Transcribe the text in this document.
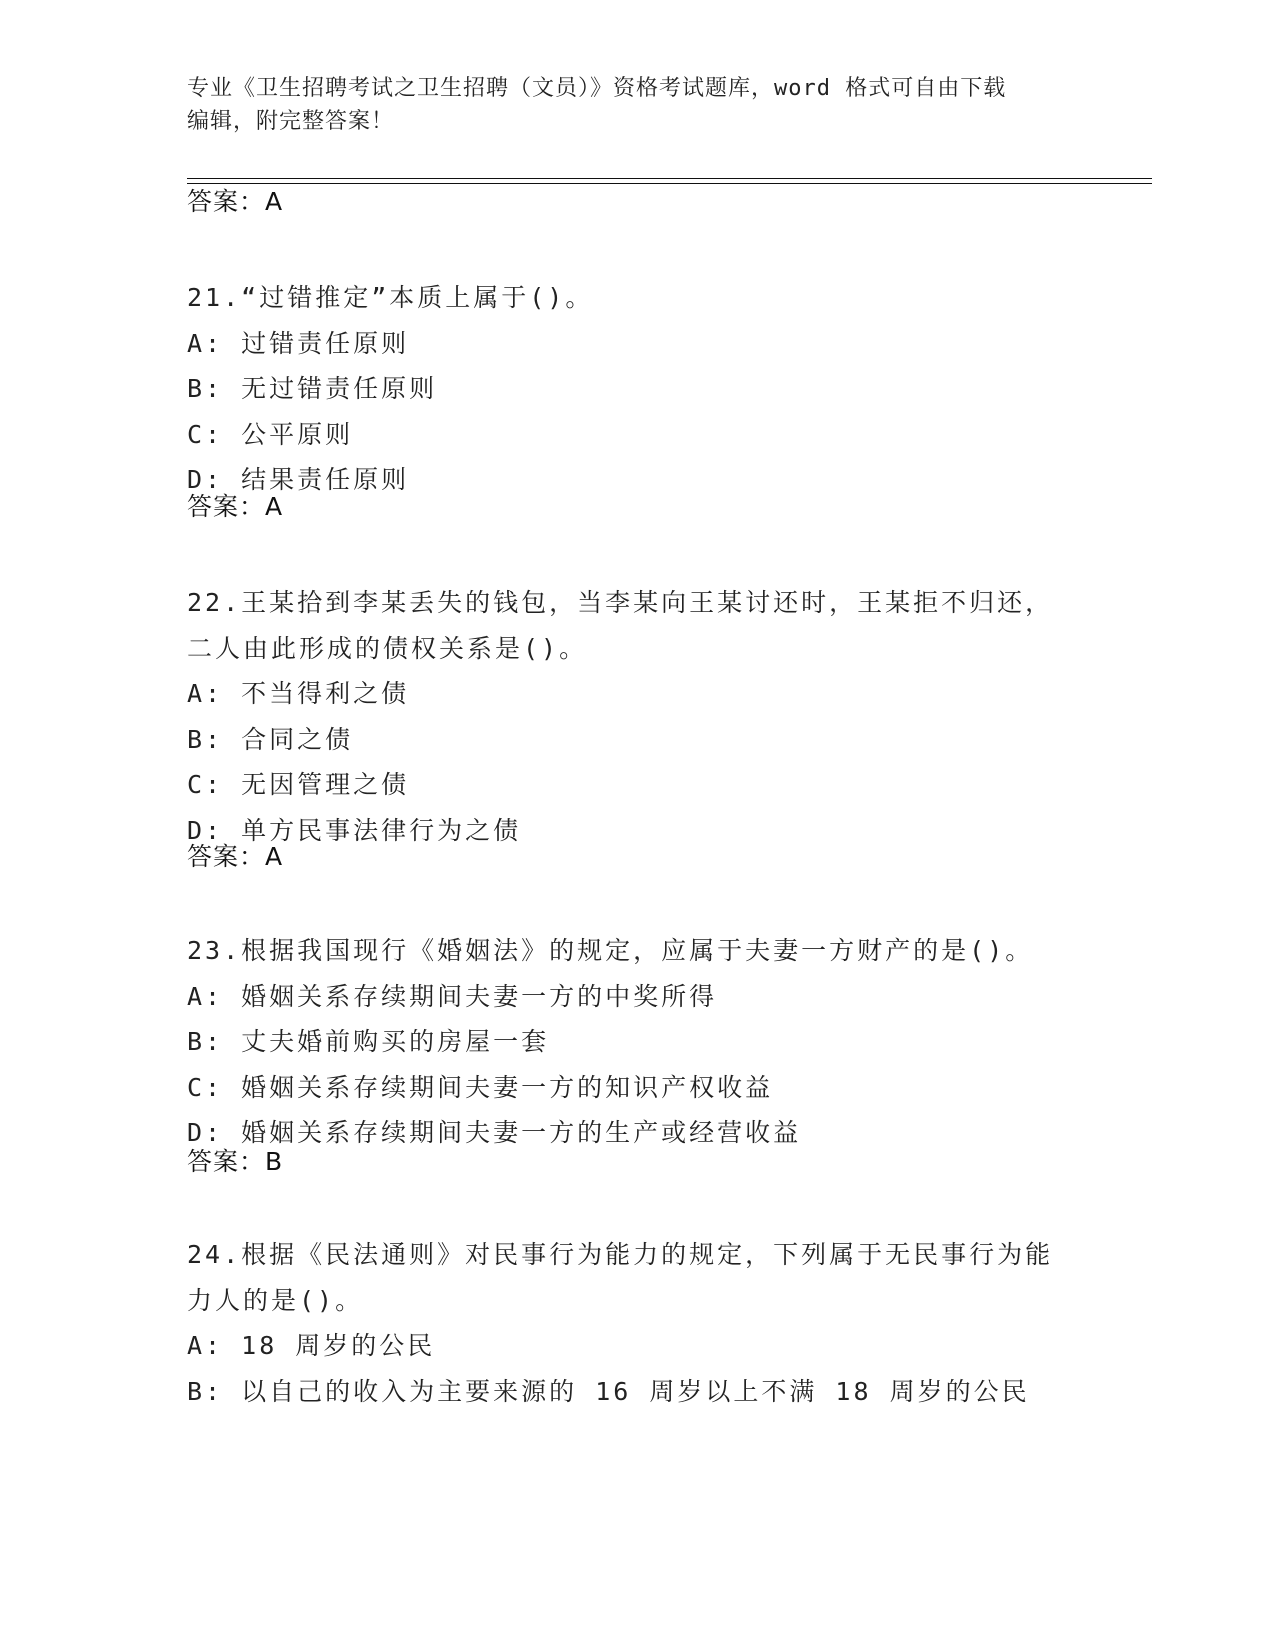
专业《卫生招聘考试之卫生招聘（文员）》资格考试题库，word 格式可自由下载
编辑，附完整答案！
答案：A
21.“过错推定”本质上属于()。
A: 过错责任原则
B: 无过错责任原则
C: 公平原则
D: 结果责任原则
答案：A
22.王某拾到李某丢失的钱包，当李某向王某讨还时，王某拒不归还，
二人由此形成的债权关系是()。
A: 不当得利之债
B: 合同之债
C: 无因管理之债
D: 单方民事法律行为之债
答案：A
23.根据我国现行《婚姻法》的规定，应属于夫妻一方财产的是()。
A: 婚姻关系存续期间夫妻一方的中奖所得
B: 丈夫婚前购买的房屋一套
C: 婚姻关系存续期间夫妻一方的知识产权收益
D: 婚姻关系存续期间夫妻一方的生产或经营收益
答案：B
24.根据《民法通则》对民事行为能力的规定，下列属于无民事行为能
力人的是()。
A: 18 周岁的公民
B: 以自己的收入为主要来源的 16 周岁以上不满 18 周岁的公民
